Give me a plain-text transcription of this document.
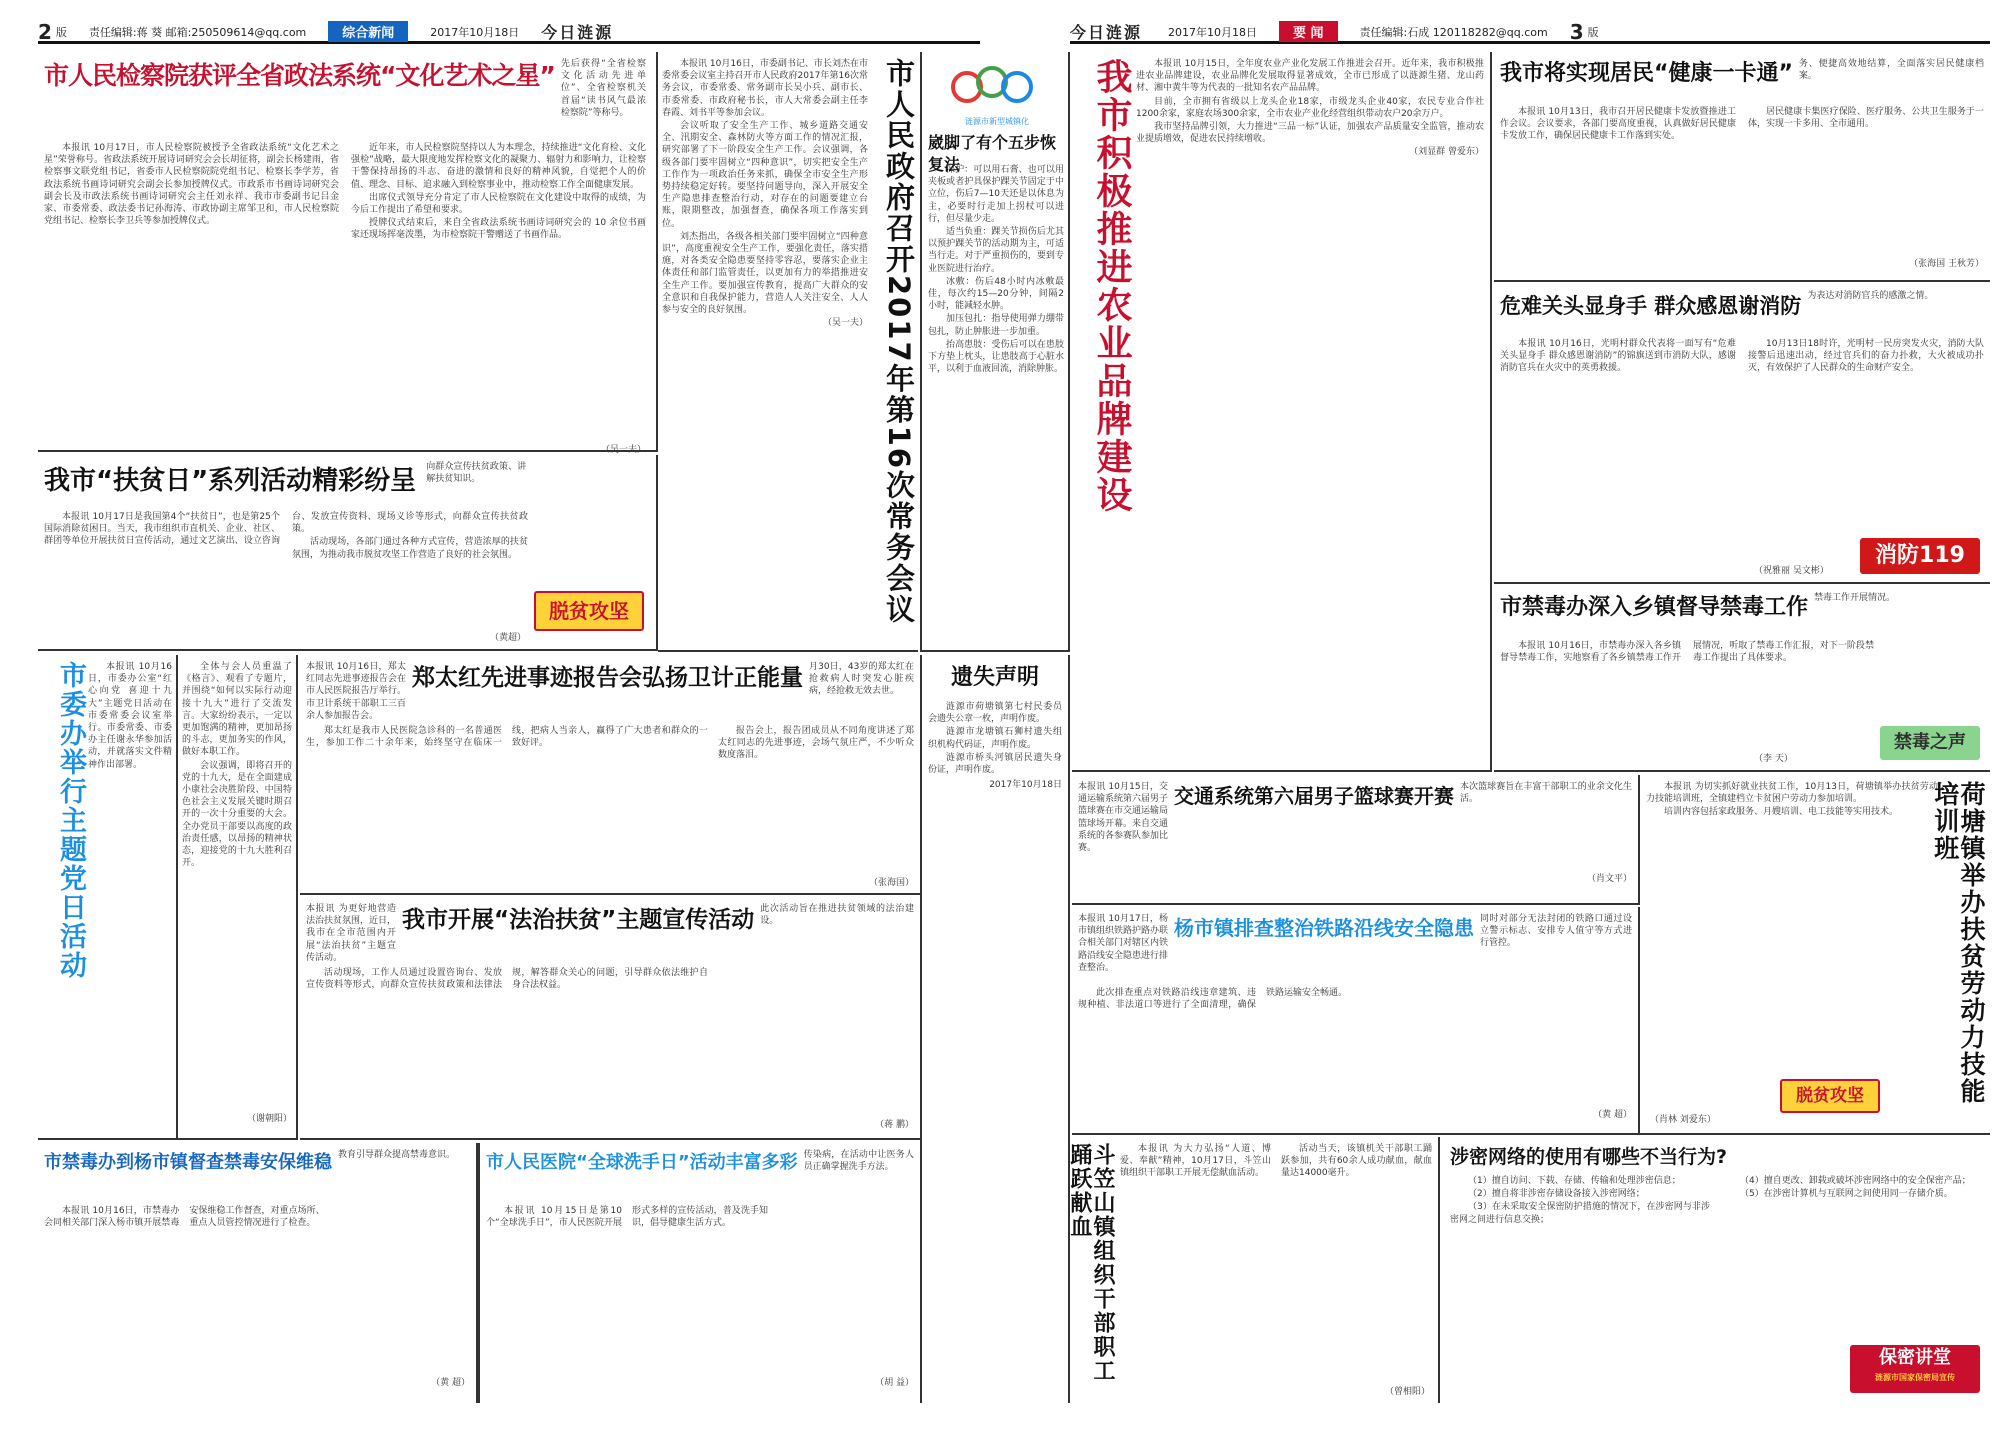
2 版 责任编辑:蒋 葵 邮箱:250509614@qq.com	综合新闻	2017年10月18日 今日涟源
市人民检察院获评全省政法系统“文化艺术之星” 先后获得“全省检察文化活动先进单位”、全省检察机关首届“读书风气最浓检察院”等称号。

本报讯 10月17日，市人民检察院被授予全省政法系统“文化艺术之星”荣誉称号。省政法系统开展诗词研究会会长胡征将，副会长杨建雨，省检察事文联党组书记，省委市人民检察院院党组书记、检察长李学芳，省政法系统书画诗词研究会副会长参加授牌仪式。市政系市书画诗词研究会副会长及市政法系统书画诗词研究会主任刘永祥、我市市委副书记吕金家、市委常委、政法委书记孙海涛、市政协副主席邹卫和，市人民检察院党组书记、检察长李卫兵等参加授牌仪式。

近年来，市人民检察院坚持以人为本理念，持续推进“文化育检、文化强检”战略，最大限度地发挥检察文化的凝聚力、辐射力和影响力，让检察干警保持昂扬的斗志、奋进的激情和良好的精神风貌，自觉把个人的价值、理念、目标、追求融入到检察事业中，推动检察工作全面健康发展。

出席仪式领导充分肯定了市人民检察院在文化建设中取得的成绩，为今后工作提出了希望和要求。

授牌仪式结束后，来自全省政法系统书画诗词研究会的 10 余位书画家还现场挥毫泼墨，为市检察院干警赠送了书画作品。

（吴一夫）

本报讯 10月16日，市委副书记、市长刘杰在市委常委会议室主持召开市人民政府2017年第16次常务会议，市委常委、常务副市长吴小兵、副市长、市委常委、市政府秘书长，市人大常委会副主任李春霞、刘书平等参加会议。

会议听取了安全生产工作、城乡道路交通安全、汛期安全、森林防火等方面工作的情况汇报，研究部署了下一阶段安全生产工作。会议强调，各级各部门要牢固树立“四种意识”，切实把安全生产工作作为一项政治任务来抓，确保全市安全生产形势持续稳定好转。要坚持问题导向，深入开展安全生产隐患排查整治行动，对存在的问题要建立台账，限期整改，加强督查，确保各项工作落实到位。

刘杰指出，各级各相关部门要牢固树立“四种意识”，高度重视安全生产工作，要强化责任，落实措施，对各类安全隐患要坚持零容忍，要落实企业主体责任和部门监管责任，以更加有力的举措推进安全生产工作。要加强宣传教育，提高广大群众的安全意识和自我保护能力，营造人人关注安全、人人参与安全的良好氛围。

（吴一夫） 市人民政府召开2017年第16次常务会议
我市“扶贫日”系列活动精彩纷呈 向群众宣传扶贫政策、讲解扶贫知识。

本报讯 10月17日是我国第4个“扶贫日”，也是第25个国际消除贫困日。当天，我市组织市直机关、企业、社区、群团等单位开展扶贫日宣传活动，通过文艺演出、设立咨询台、发放宣传资料、现场义诊等形式，向群众宣传扶贫政策。

活动现场，各部门通过各种方式宣传，营造浓厚的扶贫氛围，为推动我市脱贫攻坚工作营造了良好的社会氛围。

（黄超）
脱贫攻坚
市委办举行主题党日活动	本报讯 10月16日，市委办公室“红心向党 喜迎十九大”主题党日活动在市委常委会议室举行。市委常委、市委办主任谢永华参加活动，并就落实文件精神作出部署。

全体与会人员重温了《格言》、观看了专题片，并围绕“如何以实际行动迎接十九大”进行了交流发言。大家纷纷表示，一定以更加饱满的精神，更加昂扬的斗志，更加务实的作风，做好本职工作。

会议强调，即将召开的党的十九大，是在全面建成小康社会决胜阶段、中国特色社会主义发展关键时期召开的一次十分重要的大会。全办党员干部要以高度的政治责任感，以昂扬的精神状态，迎接党的十九大胜利召开。

（谢朝阳）
本报讯 10月16日，郑太红同志先进事迹报告会在市人民医院报告厅举行。市卫计系统干部职工三百余人参加报告会。
郑太红先进事迹报告会弘扬卫计正能量 月30日，43岁的郑太红在抢救病人时突发心脏疾病，经抢救无效去世。

郑太红是我市人民医院急诊科的一名普通医生，参加工作二十余年来，始终坚守在临床一线，把病人当亲人，赢得了广大患者和群众的一致好评。

报告会上，报告团成员从不同角度讲述了郑太红同志的先进事迹，会场气氛庄严，不少听众数度落泪。

（张海国）
本报讯 为更好地营造法治扶贫氛围，近日，我市在全市范围内开展“法治扶贫”主题宣传活动。
我市开展“法治扶贫”主题宣传活动 此次活动旨在推进扶贫领域的法治建设。

活动现场，工作人员通过设置咨询台、发放宣传资料等形式，向群众宣传扶贫政策和法律法规，解答群众关心的问题，引导群众依法维护自身合法权益。

（蒋 鹏）
市禁毒办到杨市镇督查禁毒安保维稳 教育引导群众提高禁毒意识。

本报讯 10月16日，市禁毒办会同相关部门深入杨市镇开展禁毒安保维稳工作督查，对重点场所、重点人员管控情况进行了检查。

（黄 超）
市人民医院“全球洗手日”活动丰富多彩 传染病，在活动中让医务人员正确掌握洗手方法。

本报讯 10月15日是第10个“全球洗手日”，市人民医院开展形式多样的宣传活动，普及洗手知识，倡导健康生活方式。

（胡 益）
涟源市新型城镇化
崴脚了有个五步恢复法

保护：可以用石膏、也可以用夹板或者护具保护踝关节固定于中立位，伤后7—10天还是以休息为主，必要时行走加上拐杖可以进行，但尽量少走。

适当负重：踝关节损伤后尤其以预护踝关节的活动期为主，可适当行走。对于严重损伤的，要到专业医院进行治疗。

冰敷：伤后48小时内冰敷最佳，每次约15—20分钟，间隔2小时，能减轻水肿。

加压包扎：指导使用弹力绷带包扎，防止肿胀进一步加重。

抬高患肢：受伤后可以在患肢下方垫上枕头，让患肢高于心脏水平，以利于血液回流，消除肿胀。

遗失声明

涟源市荷塘镇第七村民委员会遗失公章一枚，声明作废。

涟源市龙塘镇石狮村遗失组织机构代码证，声明作废。

涟源市桥头河镇居民遗失身份证，声明作废。

2017年10月18日
今日涟源 2017年10月18日	要 闻	责任编辑:石成 120118282@qq.com 3 版
我市积极推进农业品牌建设	本报讯 10月15日，全年度农业产业化发展工作推进会召开。近年来，我市积极推进农业品牌建设，农业品牌化发展取得显著成效，全市已形成了以涟源生猪、龙山药材、湘中黄牛等为代表的一批知名农产品品牌。

目前，全市拥有省级以上龙头企业18家，市级龙头企业40家，农民专业合作社1200余家，家庭农场300余家，全市农业产业化经营组织带动农户20余万户。

我市坚持品牌引领，大力推进“三品一标”认证，加强农产品质量安全监管，推动农业提质增效，促进农民持续增收。

（刘显群 曾爱东）
我市将实现居民“健康一卡通” 务、便捷高效地结算，全面落实居民健康档案。

本报讯 10月13日，我市召开居民健康卡发放暨推进工作会议。会议要求，各部门要高度重视，认真做好居民健康卡发放工作，确保居民健康卡工作落到实处。

居民健康卡集医疗保险、医疗服务、公共卫生服务于一体，实现一卡多用、全市通用。

（张海国 王秋芳）
危难关头显身手 群众感恩谢消防 为表达对消防官兵的感激之情。

本报讯 10月16日，光明村群众代表将一面写有“危难关头显身手 群众感恩谢消防”的锦旗送到市消防大队，感谢消防官兵在火灾中的英勇救援。

10月13日18时许，光明村一民房突发火灾，消防大队接警后迅速出动，经过官兵们的奋力扑救，大火被成功扑灭，有效保护了人民群众的生命财产安全。

（祝雅丽 吴文彬）
消防119
市禁毒办深入乡镇督导禁毒工作 禁毒工作开展情况。

本报讯 10月16日，市禁毒办深入各乡镇督导禁毒工作，实地察看了各乡镇禁毒工作开展情况，听取了禁毒工作汇报，对下一阶段禁毒工作提出了具体要求。

（李 天）
禁毒之声
本报讯 10月15日，交通运输系统第六届男子篮球赛在市交通运输局篮球场开幕。来自交通系统的各参赛队参加比赛。
交通系统第六届男子篮球赛开赛 本次篮球赛旨在丰富干部职工的业余文化生活。
（肖文平）

本报讯 为切实抓好就业扶贫工作，10月13日，荷塘镇举办扶贫劳动力技能培训班，全镇建档立卡贫困户劳动力参加培训。

培训内容包括家政服务、月嫂培训、电工技能等实用技术。	荷塘镇举办扶贫劳动力技能培训班
（肖林 刘爱东）
脱贫攻坚
本报讯 10月17日，杨市镇组织铁路护路办联合相关部门对辖区内铁路沿线安全隐患进行排查整治。
杨市镇排查整治铁路沿线安全隐患 同时对部分无法封闭的铁路口通过设立警示标志、安排专人值守等方式进行管控。

此次排查重点对铁路沿线违章建筑、违规种植、非法道口等进行了全面清理，确保铁路运输安全畅通。

（黄 超）
斗笠山镇组织干部职工踊跃献血	本报讯 为大力弘扬“人道、博爱、奉献”精神，10月17日，斗笠山镇组织干部职工开展无偿献血活动。

活动当天，该镇机关干部职工踊跃参加，共有60余人成功献血，献血量达14000毫升。

（曾相阳）
涉密网络的使用有哪些不当行为?

（1）擅自访问、下载、存储、传输和处理涉密信息；

（2）擅自将非涉密存储设备接入涉密网络；

（3）在未采取安全保密防护措施的情况下，在涉密网与非涉密网之间进行信息交换；

（4）擅自更改、卸载或破坏涉密网络中的安全保密产品；

（5）在涉密计算机与互联网之间使用同一存储介质。

保密讲堂
涟源市国家保密局宣传
